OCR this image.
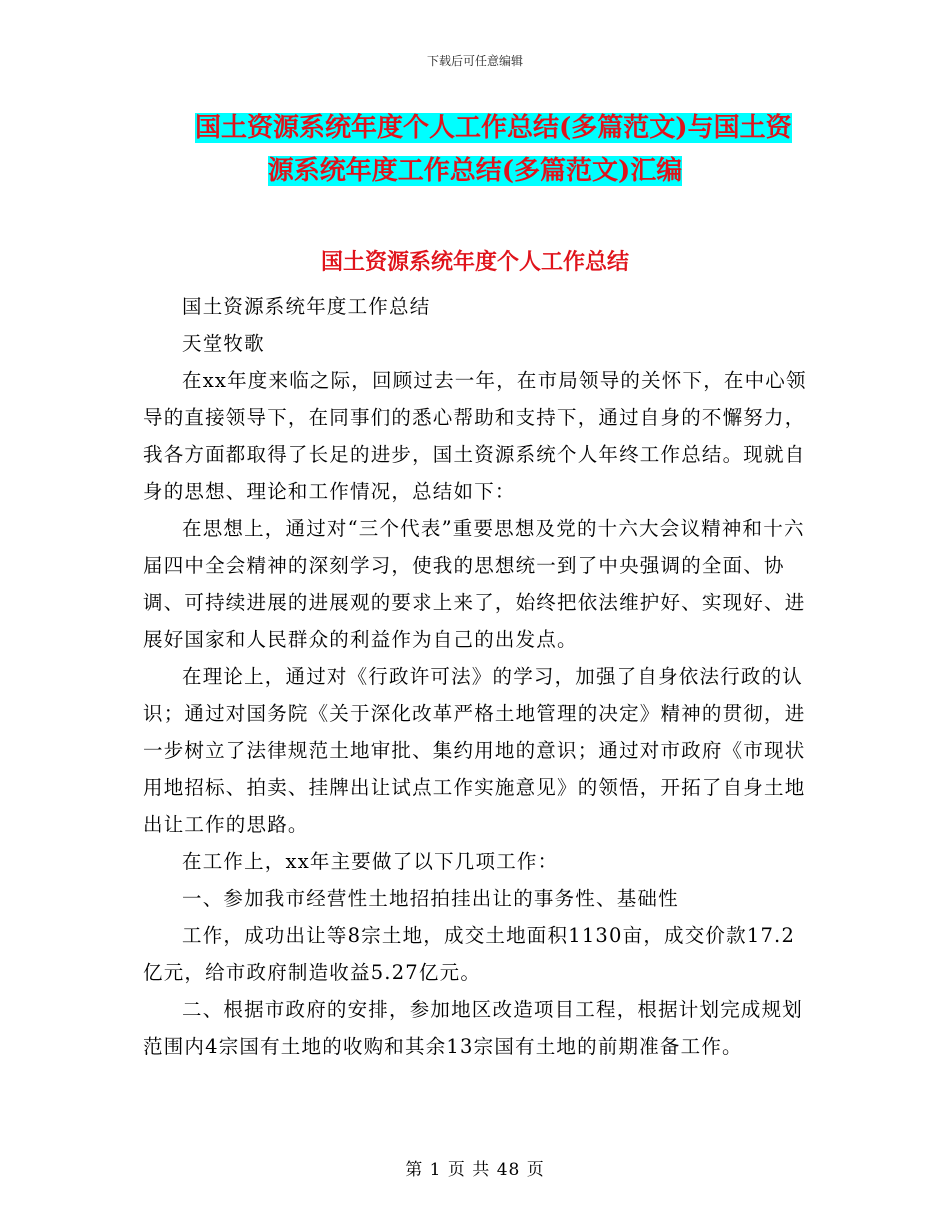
下载后可任意编辑
国土资源系统年度个人工作总结(多篇范文)与国土资
源系统年度工作总结(多篇范文)汇编
国土资源系统年度个人工作总结

国土资源系统年度工作总结

天堂牧歌

在xx年度来临之际，回顾过去一年，在市局领导的关怀下，在中心领导的直接领导下，在同事们的悉心帮助和支持下，通过自身的不懈努力，我各方面都取得了长足的进步，国土资源系统个人年终工作总结。现就自身的思想、理论和工作情况，总结如下：

在思想上，通过对“三个代表”重要思想及党的十六大会议精神和十六届四中全会精神的深刻学习，使我的思想统一到了中央强调的全面、协调、可持续进展的进展观的要求上来了，始终把依法维护好、实现好、进展好国家和人民群众的利益作为自己的出发点。

在理论上，通过对《行政许可法》的学习，加强了自身依法行政的认识；通过对国务院《关于深化改革严格土地管理的决定》精神的贯彻，进一步树立了法律规范土地审批、集约用地的意识；通过对市政府《市现状用地招标、拍卖、挂牌出让试点工作实施意见》的领悟，开拓了自身土地出让工作的思路。

在工作上，xx年主要做了以下几项工作：

一、参加我市经营性土地招拍挂出让的事务性、基础性

工作，成功出让等8宗土地，成交土地面积1130亩，成交价款17.2亿元，给市政府制造收益5.27亿元。

二、根据市政府的安排，参加地区改造项目工程，根据计划完成规划范围内4宗国有土地的收购和其余13宗国有土地的前期准备工作。

第 1 页 共 48 页
